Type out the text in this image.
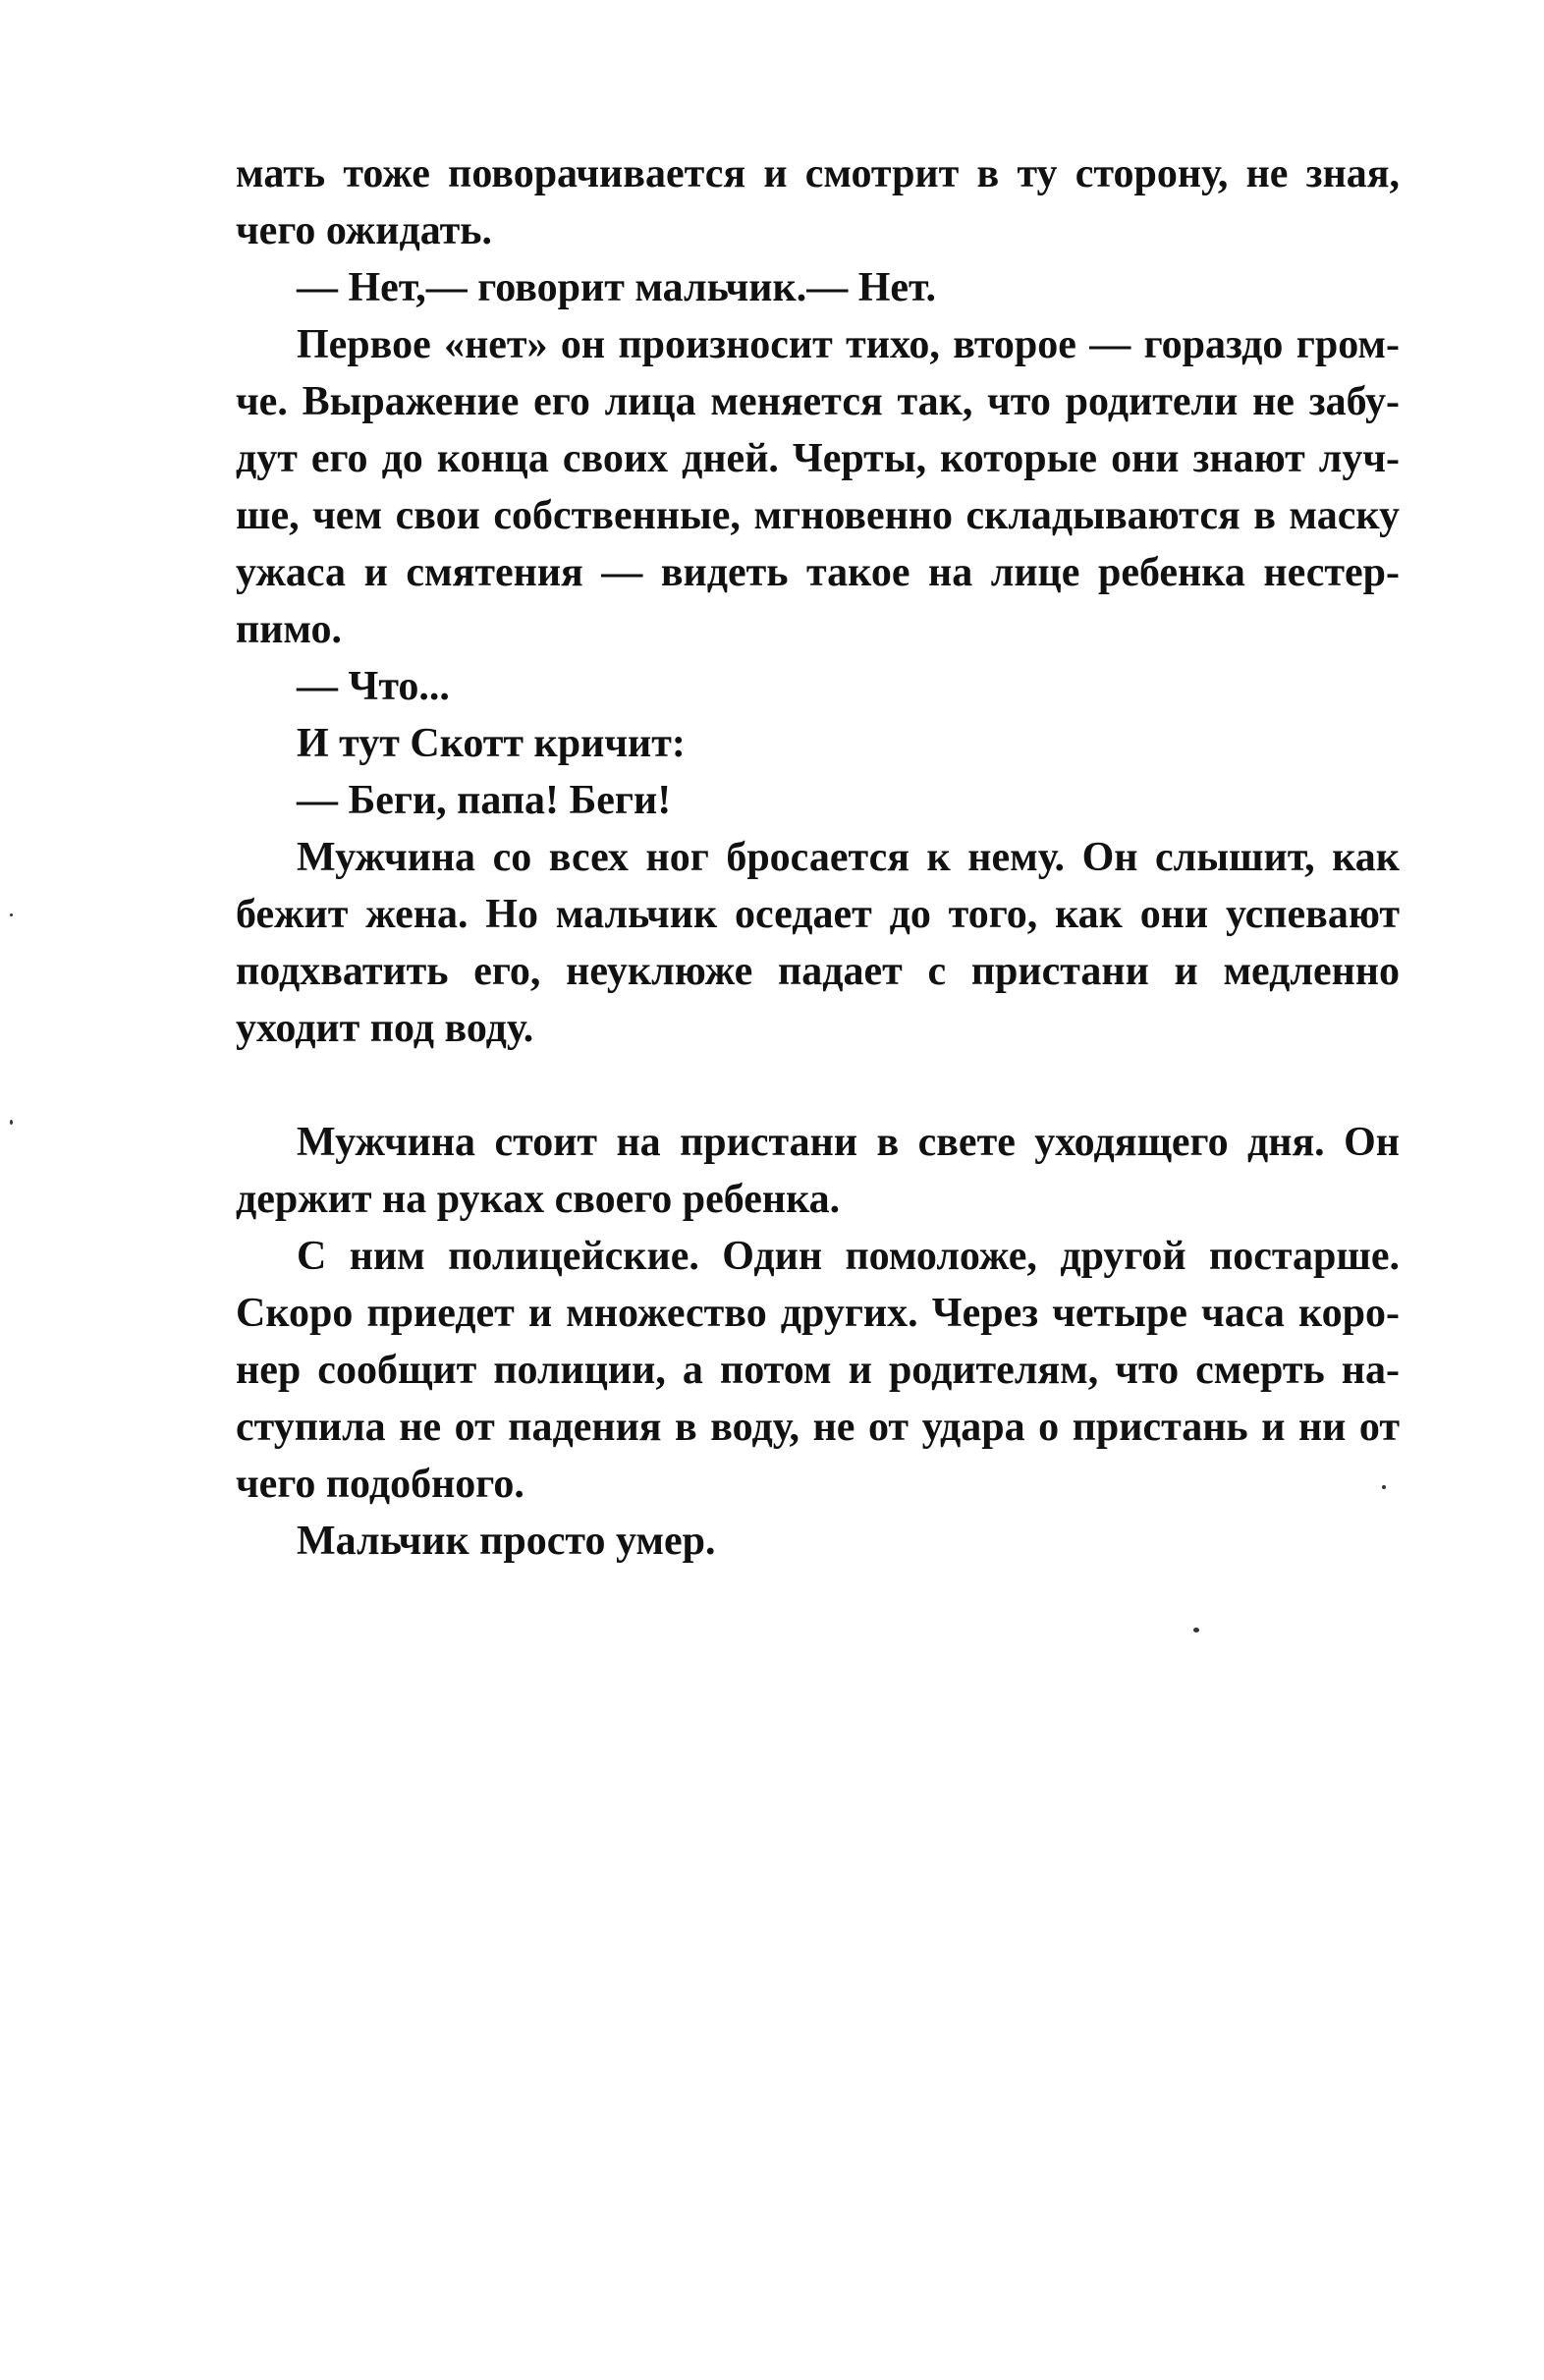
мать тоже поворачивается и смотрит в ту сторону, не зная,
чего ожидать.
— Нет,— говорит мальчик.— Нет.
Первое «нет» он произносит тихо, второе — гораздо гром-
че. Выражение его лица меняется так, что родители не забу-
дут его до конца своих дней. Черты, которые они знают луч-
ше, чем свои собственные, мгновенно складываются в маску
ужаса и смятения — видеть такое на лице ребенка нестер-
пимо.
— Что...
И тут Скотт кричит:
— Беги, папа! Беги!
Мужчина со всех ног бросается к нему. Он слышит, как
бежит жена. Но мальчик оседает до того, как они успевают
подхватить его, неуклюже падает с пристани и медленно
уходит под воду.
Мужчина стоит на пристани в свете уходящего дня. Он
держит на руках своего ребенка.
С ним полицейские. Один помоложе, другой постарше.
Скоро приедет и множество других. Через четыре часа коро-
нер сообщит полиции, а потом и родителям, что смерть на-
ступила не от падения в воду, не от удара о пристань и ни от
чего подобного.
Мальчик просто умер.
